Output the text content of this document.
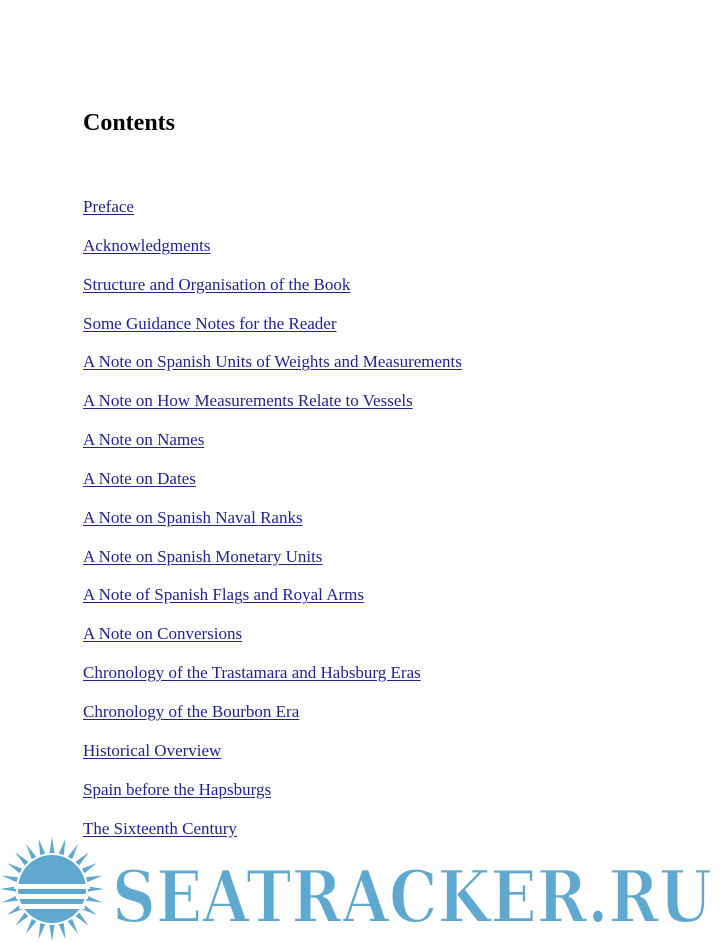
Contents
Preface
Acknowledgments
Structure and Organisation of the Book
Some Guidance Notes for the Reader
A Note on Spanish Units of Weights and Measurements
A Note on How Measurements Relate to Vessels
A Note on Names
A Note on Dates
A Note on Spanish Naval Ranks
A Note on Spanish Monetary Units
A Note of Spanish Flags and Royal Arms
A Note on Conversions
Chronology of the Trastamara and Habsburg Eras
Chronology of the Bourbon Era
Historical Overview
Spain before the Hapsburgs
The Sixteenth Century
SEATRACKER.RU
